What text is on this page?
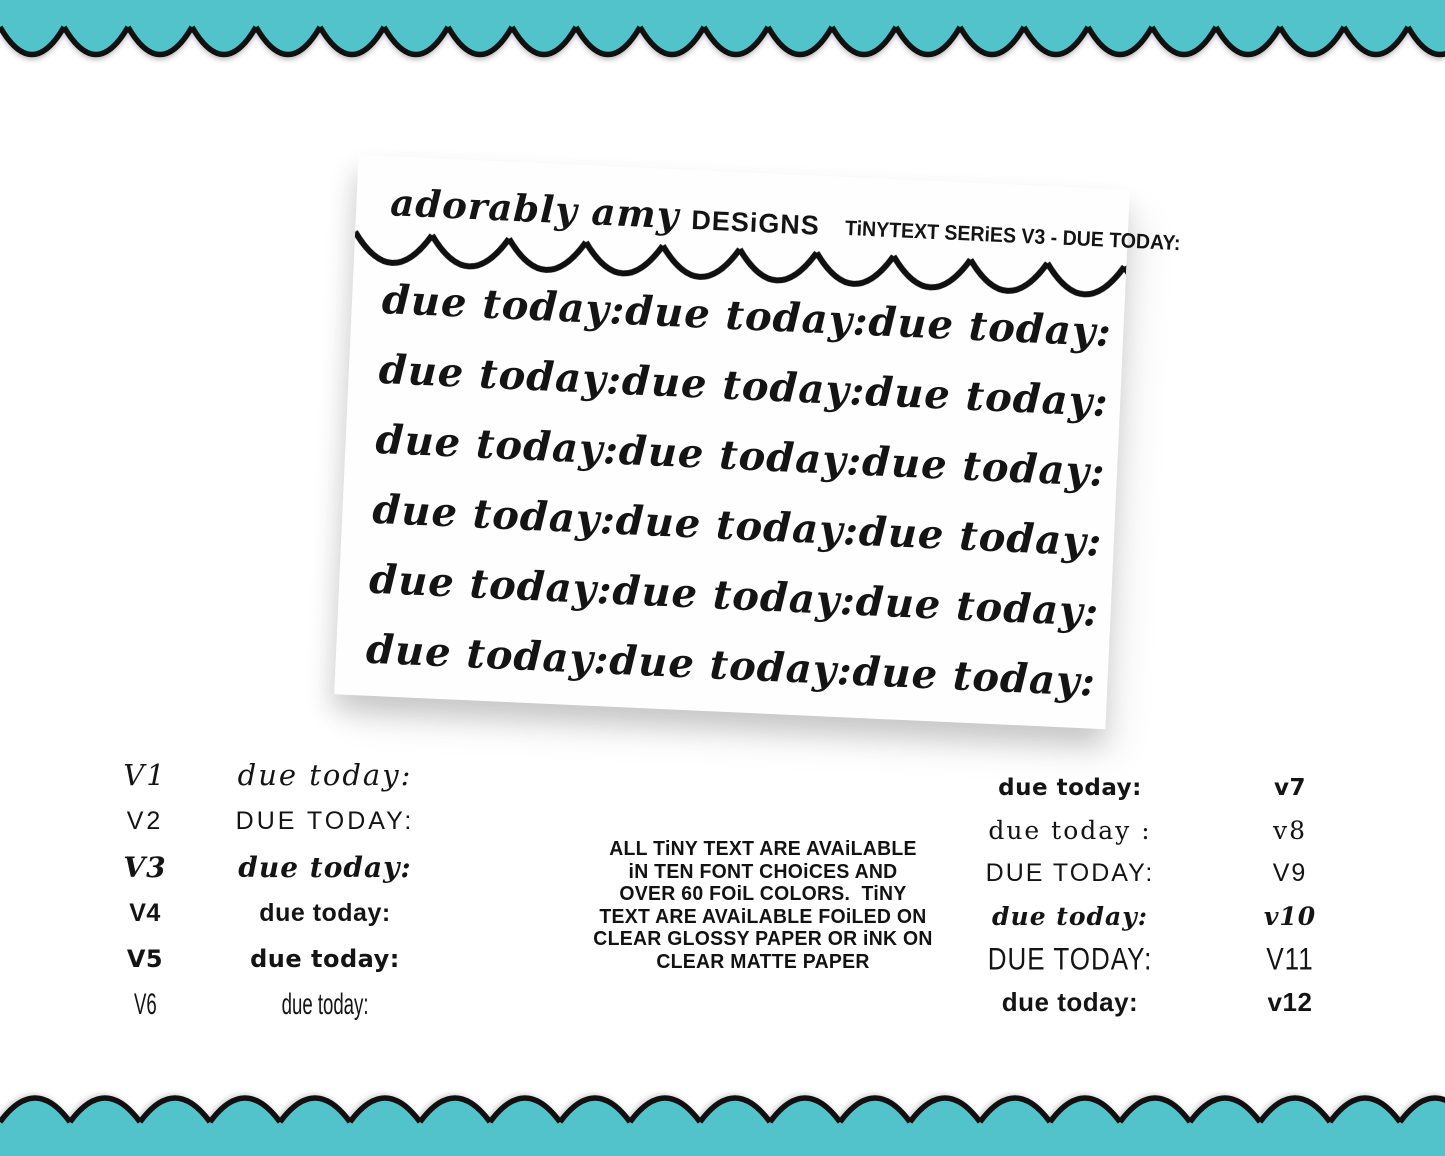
adorably amy DESiGNS TiNYTEXT SERiES V3 - DUE TODAY:
due today:
due today:
due today:
due today:
due today:
due today:
due today:
due today:
due today:
due today:
due today:
due today:
due today:
due today:
due today:
due today:
due today:
due today:
V1	due today:
V2	DUE TODAY:
V3	due today:
V4	due today:
V5	due today:
V6	due today:
due today:	v7
due today :	v8
DUE TODAY:	V9
due today:	v10
DUE TODAY:	V11
due today:	v12
ALL TiNY TEXT ARE AVAiLABLE
iN TEN FONT CHOiCES AND
OVER 60 FOiL COLORS.  TiNY
TEXT ARE AVAiLABLE FOiLED ON
CLEAR GLOSSY PAPER OR iNK ON
CLEAR MATTE PAPER
